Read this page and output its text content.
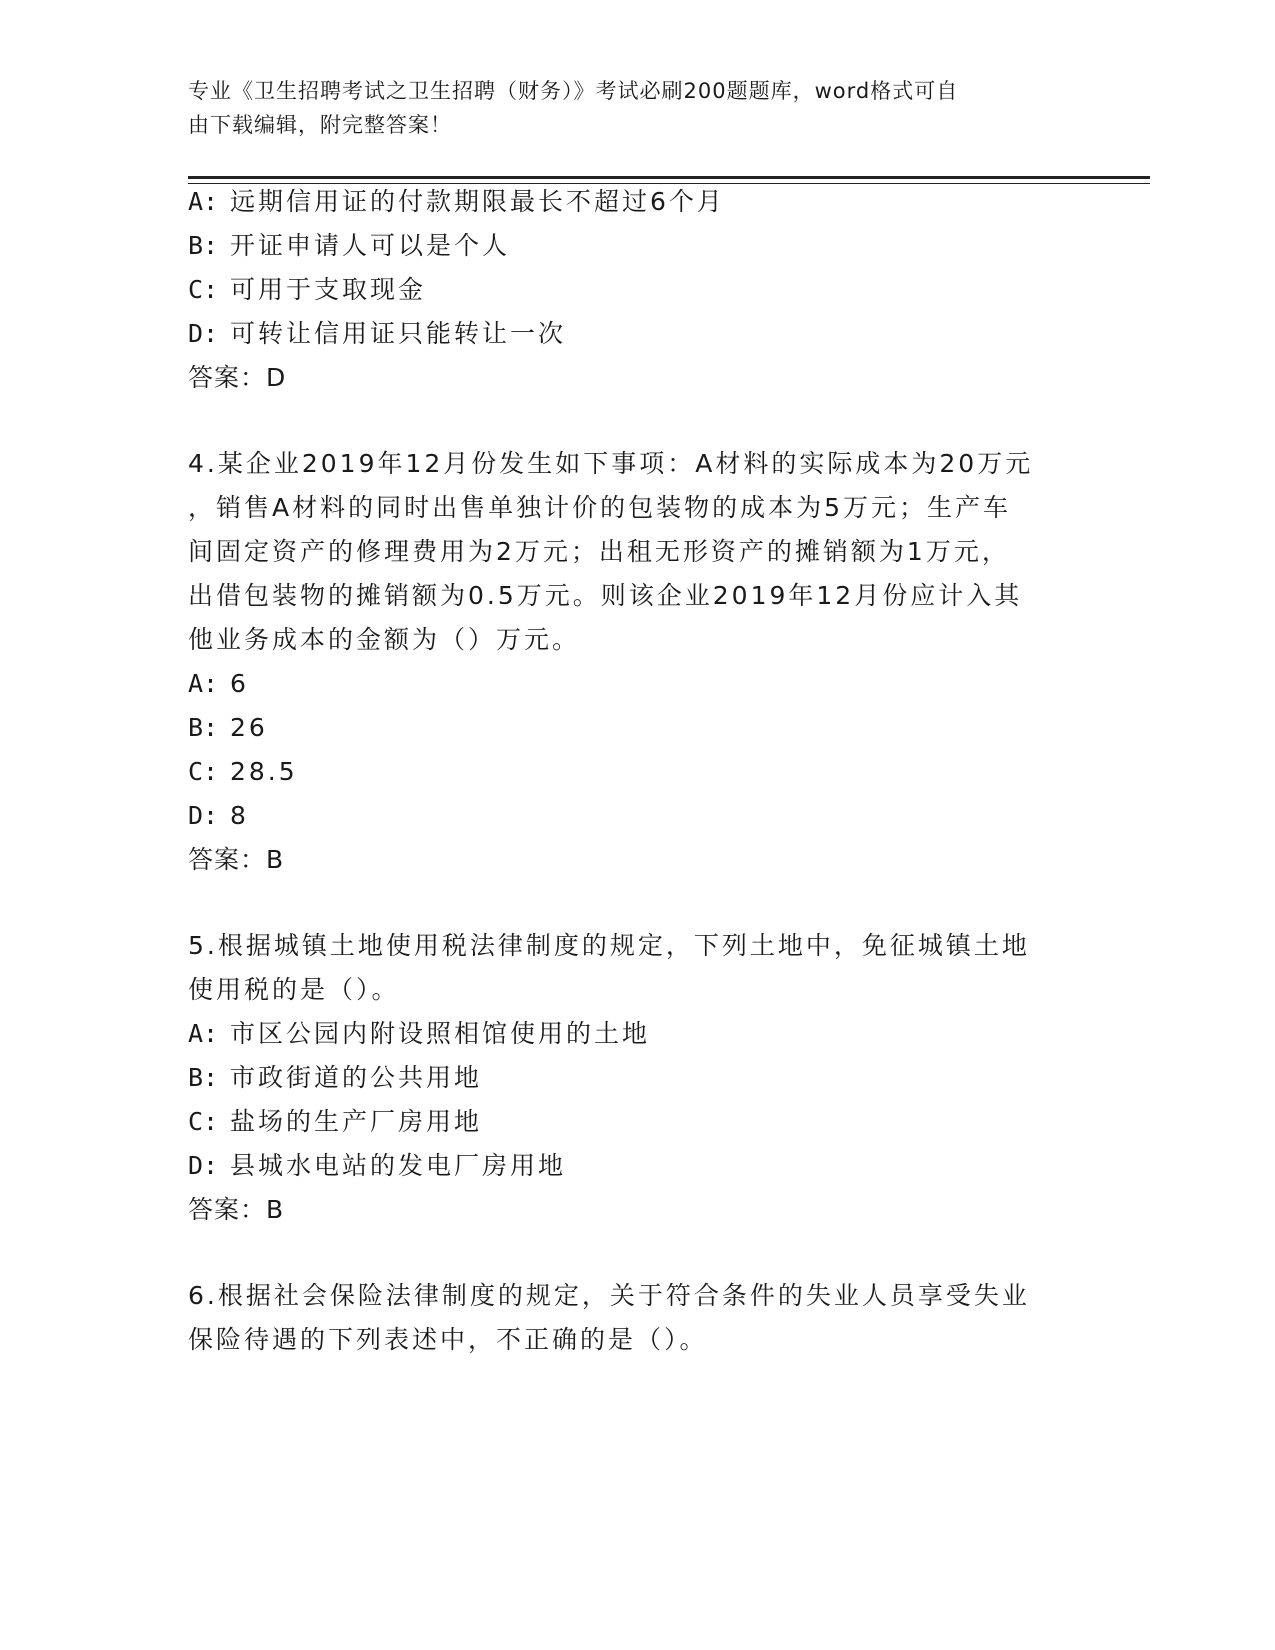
专业《卫生招聘考试之卫生招聘（财务）》考试必刷200题题库，word格式可自
由下载编辑，附完整答案！
A: 远期信用证的付款期限最长不超过6个月
B: 开证申请人可以是个人
C: 可用于支取现金
D: 可转让信用证只能转让一次
答案：D
4.某企业2019年12月份发生如下事项：A材料的实际成本为20万元
，销售A材料的同时出售单独计价的包装物的成本为5万元；生产车
间固定资产的修理费用为2万元；出租无形资产的摊销额为1万元，
出借包装物的摊销额为0.5万元。则该企业2019年12月份应计入其
他业务成本的金额为（）万元。
A: 6
B: 26
C: 28.5
D: 8
答案：B
5.根据城镇土地使用税法律制度的规定，下列土地中，免征城镇土地
使用税的是（）。
A: 市区公园内附设照相馆使用的土地
B: 市政街道的公共用地
C: 盐场的生产厂房用地
D: 县城水电站的发电厂房用地
答案：B
6.根据社会保险法律制度的规定，关于符合条件的失业人员享受失业
保险待遇的下列表述中，不正确的是（）。
